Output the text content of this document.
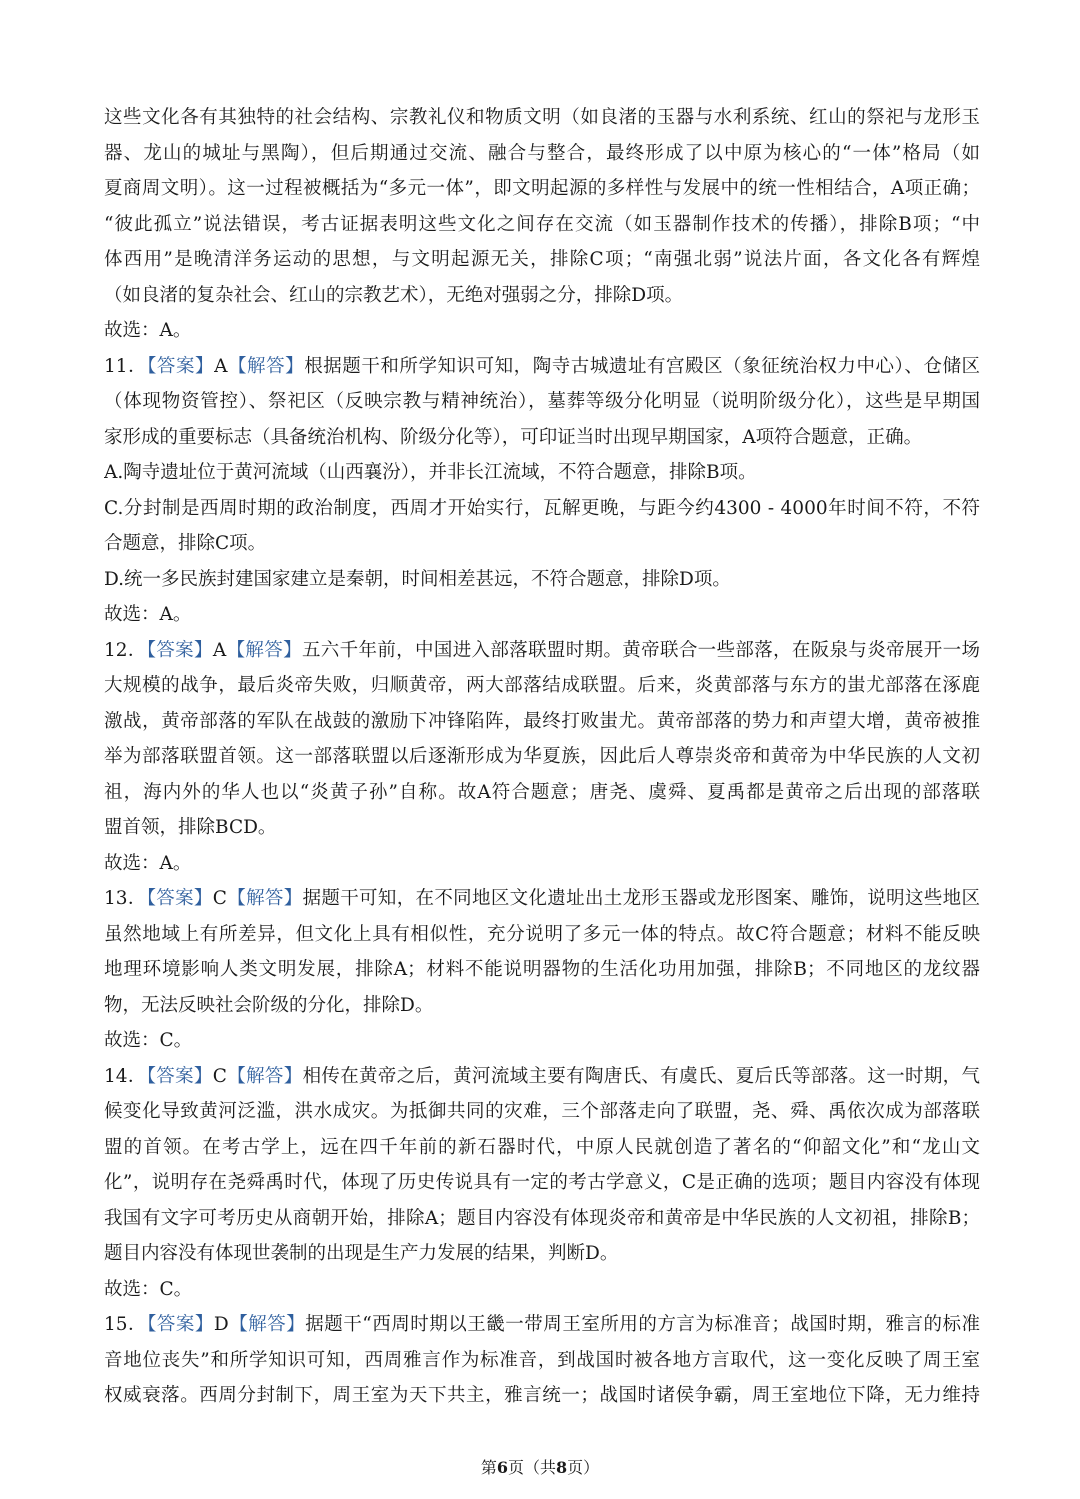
这些文化各有其独特的社会结构、宗教礼仪和物质文明（如良渚的玉器与水利系统、红山的祭祀与龙形玉
器、龙山的城址与黑陶），但后期通过交流、融合与整合，最终形成了以中原为核心的“一体”格局（如
夏商周文明）。这一过程被概括为“多元一体”，即文明起源的多样性与发展中的统一性相结合，A项正确；
“彼此孤立”说法错误，考古证据表明这些文化之间存在交流（如玉器制作技术的传播），排除B项；“中
体西用”是晚清洋务运动的思想，与文明起源无关，排除C项；“南强北弱”说法片面，各文化各有辉煌
（如良渚的复杂社会、红山的宗教艺术），无绝对强弱之分，排除D项。
故选：A。
11．【答案】A【解答】根据题干和所学知识可知，陶寺古城遗址有宫殿区（象征统治权力中心）、仓储区
（体现物资管控）、祭祀区（反映宗教与精神统治），墓葬等级分化明显（说明阶级分化），这些是早期国
家形成的重要标志（具备统治机构、阶级分化等），可印证当时出现早期国家，A项符合题意，正确。
A.陶寺遗址位于黄河流域（山西襄汾），并非长江流域，不符合题意，排除B项。
C.分封制是西周时期的政治制度，西周才开始实行，瓦解更晚，与距今约4300 - 4000年时间不符，不符
合题意，排除C项。
D.统一多民族封建国家建立是秦朝，时间相差甚远，不符合题意，排除D项。
故选：A。
12．【答案】A【解答】五六千年前，中国进入部落联盟时期。黄帝联合一些部落，在阪泉与炎帝展开一场
大规模的战争，最后炎帝失败，归顺黄帝，两大部落结成联盟。后来，炎黄部落与东方的蚩尤部落在涿鹿
激战，黄帝部落的军队在战鼓的激励下冲锋陷阵，最终打败蚩尤。黄帝部落的势力和声望大增，黄帝被推
举为部落联盟首领。这一部落联盟以后逐渐形成为华夏族，因此后人尊崇炎帝和黄帝为中华民族的人文初
祖，海内外的华人也以“炎黄子孙”自称。故A符合题意；唐尧、虞舜、夏禹都是黄帝之后出现的部落联
盟首领，排除BCD。
故选：A。
13．【答案】C【解答】据题干可知，在不同地区文化遗址出土龙形玉器或龙形图案、雕饰，说明这些地区
虽然地域上有所差异，但文化上具有相似性，充分说明了多元一体的特点。故C符合题意；材料不能反映
地理环境影响人类文明发展，排除A；材料不能说明器物的生活化功用加强，排除B；不同地区的龙纹器
物，无法反映社会阶级的分化，排除D。
故选：C。
14．【答案】C【解答】相传在黄帝之后，黄河流域主要有陶唐氏、有虞氏、夏后氏等部落。这一时期，气
候变化导致黄河泛滥，洪水成灾。为抵御共同的灾难，三个部落走向了联盟，尧、舜、禹依次成为部落联
盟的首领。在考古学上，远在四千年前的新石器时代，中原人民就创造了著名的“仰韶文化”和“龙山文
化”，说明存在尧舜禹时代，体现了历史传说具有一定的考古学意义，C是正确的选项；题目内容没有体现
我国有文字可考历史从商朝开始，排除A；题目内容没有体现炎帝和黄帝是中华民族的人文初祖，排除B；
题目内容没有体现世袭制的出现是生产力发展的结果，判断D。
故选：C。
15．【答案】D【解答】据题干“西周时期以王畿一带周王室所用的方言为标准音；战国时期，雅言的标准
音地位丧失”和所学知识可知，西周雅言作为标准音，到战国时被各地方言取代，这一变化反映了周王室
权威衰落。西周分封制下，周王室为天下共主，雅言统一；战国时诸侯争霸，周王室地位下降，无力维持
第6页（共8页）
